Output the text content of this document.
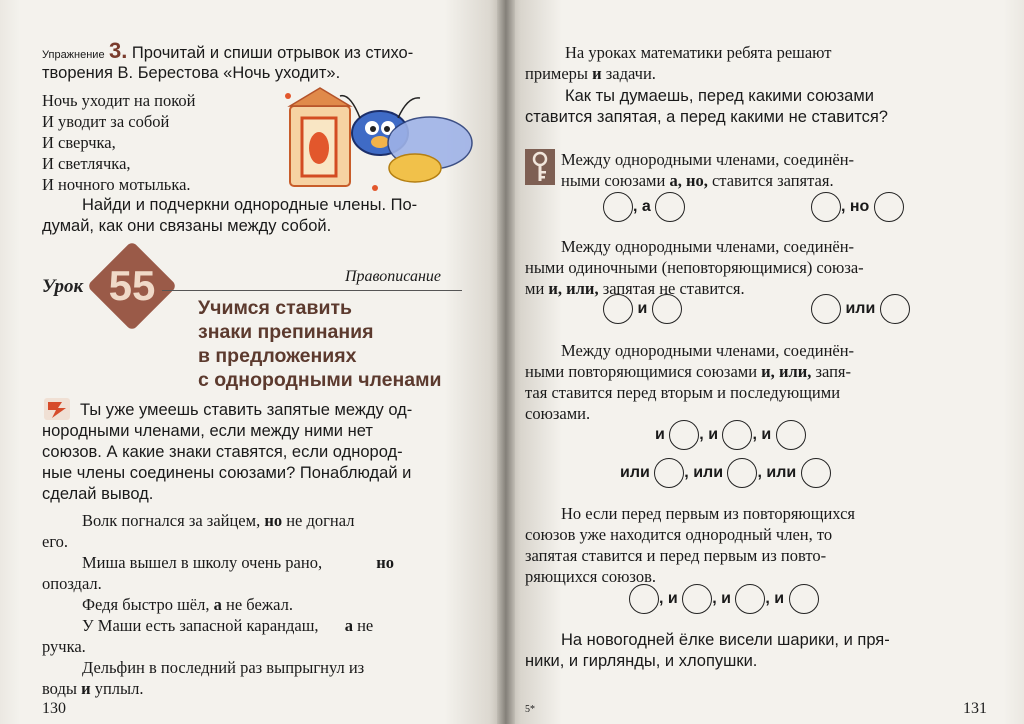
Упражнение 3. Прочитай и спиши отрывок из стихо-
творения В. Берестова «Ночь уходит».
Ночь уходит на покой
И уводит за собой
И сверчка,
И светлячка,
И ночного мотылька.
Найди и подчеркни однородные члены. По-
думай, как они связаны между собой.
Урок 55	Правописание
Учимся ставить
знаки препинания
в предложениях
с однородными членами
Ты уже умеешь ставить запятые между од-
нородными членами, если между ними нет
союзов. А какие знаки ставятся, если однород-
ные члены соединены союзами? Понаблюдай и
сделай вывод.
Волк погнался за зайцем, но не догнал
его.
Миша вышел в школу очень рано,	но
опоздал.
Федя быстро шёл, а не бежал.
У Маши есть запасной карандаш, а не
ручка.
Дельфин в последний раз выпрыгнул из
воды и уплыл.
130
На уроках математики ребята решают
примеры и задачи.
Как ты думаешь, перед какими союзами
ставится запятая, а перед какими не ставится?
Между однородными членами, соединён-
ными союзами а, но, ставится запятая.
, а	, но
Между однородными членами, соединён-
ными одиночными (неповторяющимися) союза-
ми и, или, запятая не ставится.
и	или
Между однородными членами, соединён-
ными повторяющимися союзами и, или, запя-
тая ставится перед вторым и последующими
союзами.
и , и , и
или , или , или
Но если перед первым из повторяющихся
союзов уже находится однородный член, то
запятая ставится и перед первым из повто-
ряющихся союзов.
, и , и , и
На новогодней ёлке висели шарики, и пря-
ники, и гирлянды, и хлопушки.
5*	131
